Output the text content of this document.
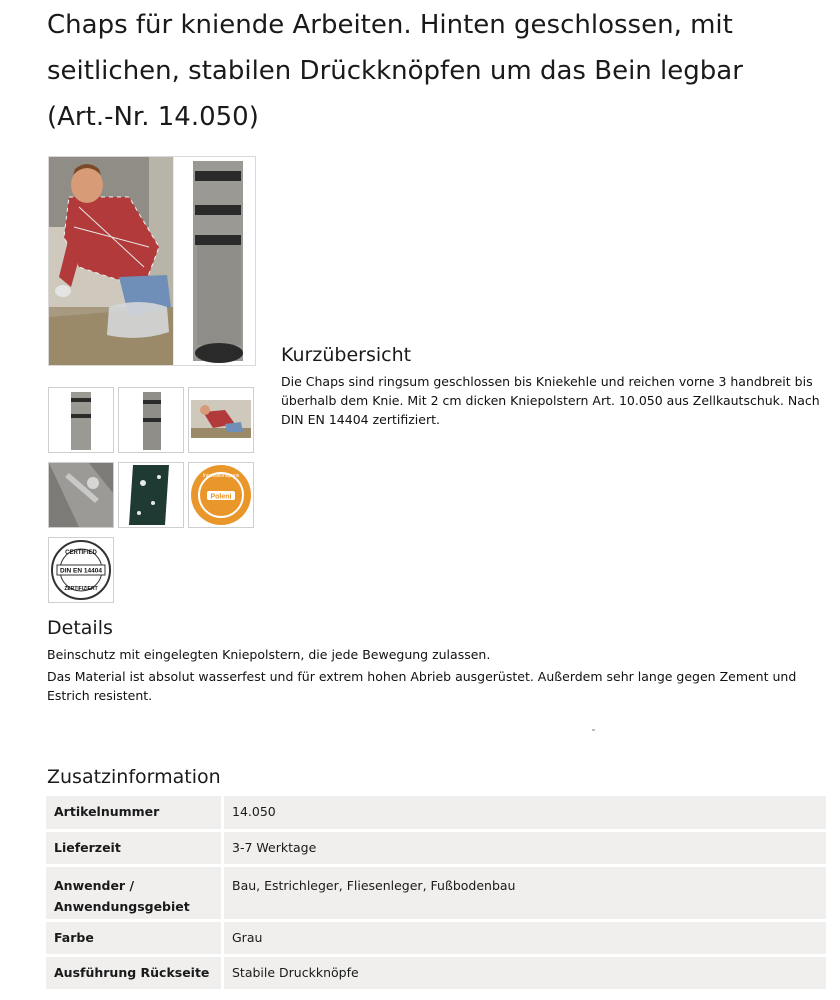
Chaps für kniende Arbeiten. Hinten geschlossen, mit seitlichen, stabilen Drückknöpfen um das Bein legbar (Art.-Nr. 14.050)
Poleni
Innovationspreis
DIN EN 14404
CERTIFIED
ZERTIFIZIERT
Kurzübersicht

Die Chaps sind ringsum geschlossen bis Kniekehle und reichen vorne 3 handbreit bis überhalb dem Knie. Mit 2 cm dicken Kniepolstern Art. 10.050 aus Zellkautschuk. Nach DIN EN 14404 zertifiziert.

Details

Beinschutz mit eingelegten Kniepolstern, die jede Bewegung zulassen.

Das Material ist absolut wasserfest und für extrem hohen Abrieb ausgerüstet. Außerdem sehr lange gegen Zement und Estrich resistent.

Zusatzinformation
Artikelnummer	14.050
Lieferzeit	3-7 Werktage
Anwender / Anwendungsgebiet	Bau, Estrichleger, Fliesenleger, Fußbodenbau
Farbe	Grau
Ausführung Rückseite	Stabile Druckknöpfe
